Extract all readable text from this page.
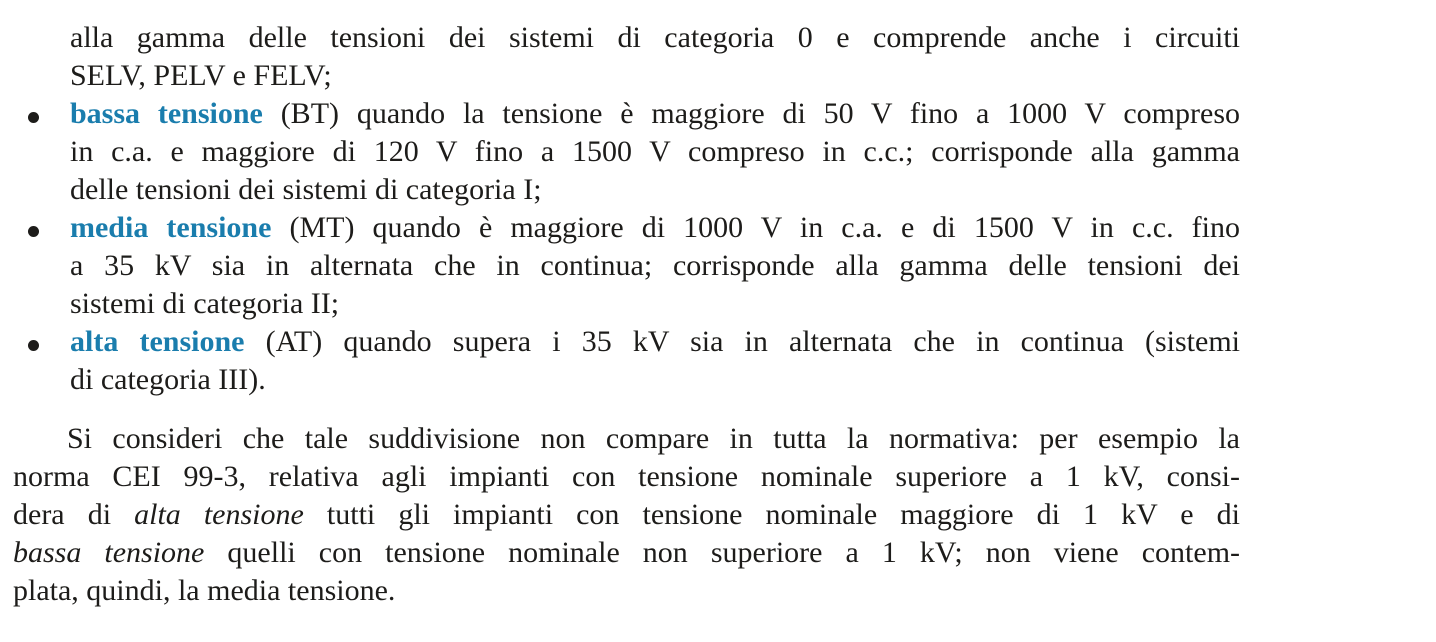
alla gamma delle tensioni dei sistemi di categoria 0 e comprende anche i circuiti
SELV, PELV e FELV;
bassa tensione (BT) quando la tensione è maggiore di 50 V fino a 1000 V compreso
in c.a. e maggiore di 120 V fino a 1500 V compreso in c.c.; corrisponde alla gamma
delle tensioni dei sistemi di categoria I;
media tensione (MT) quando è maggiore di 1000 V in c.a. e di 1500 V in c.c. fino
a 35 kV sia in alternata che in continua; corrisponde alla gamma delle tensioni dei
sistemi di categoria II;
alta tensione (AT) quando supera i 35 kV sia in alternata che in continua (sistemi
di categoria III).
Si consideri che tale suddivisione non compare in tutta la normativa: per esempio la
norma CEI 99-3, relativa agli impianti con tensione nominale superiore a 1 kV, consi-
dera di alta tensione tutti gli impianti con tensione nominale maggiore di 1 kV e di
bassa tensione quelli con tensione nominale non superiore a 1 kV; non viene contem-
plata, quindi, la media tensione.
